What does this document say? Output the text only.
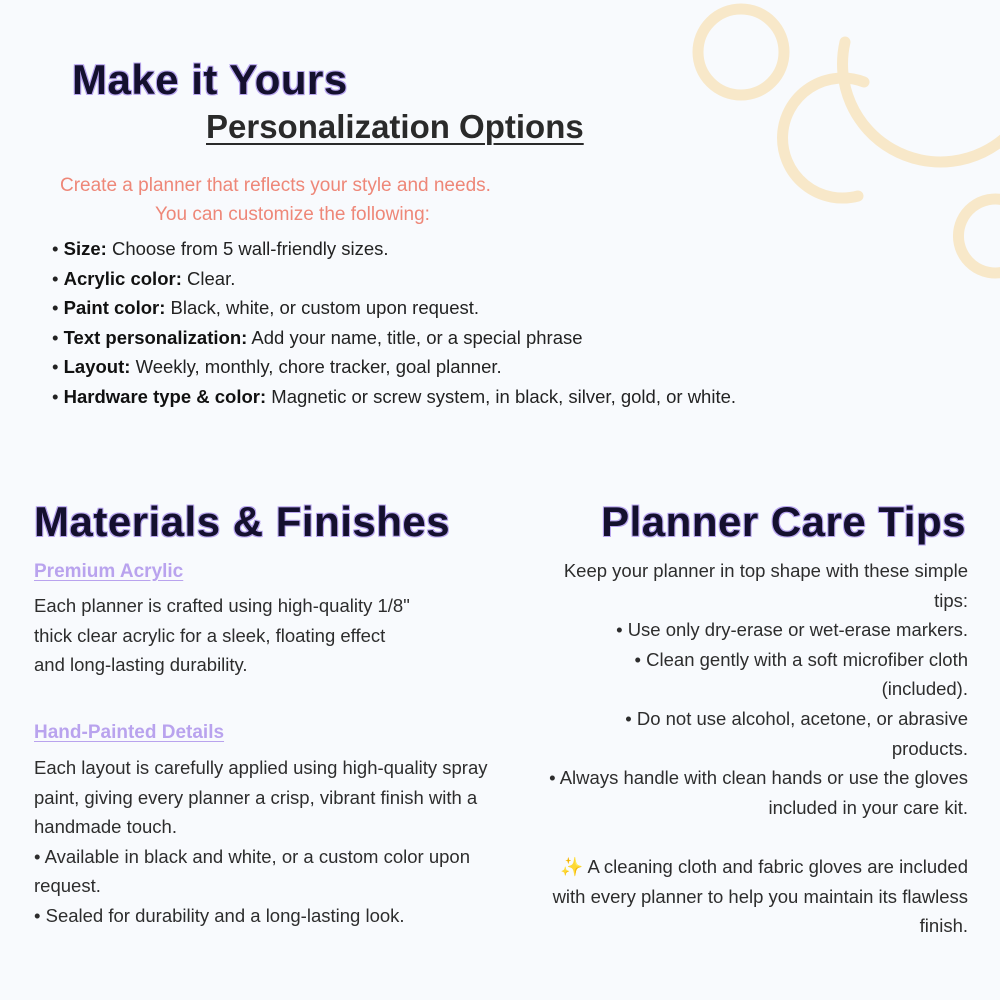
Make it Yours
Personalization Options

Create a planner that reflects your style and needs.

You can customize the following:

• Size: Choose from 5 wall-friendly sizes.
• Acrylic color: Clear.
• Paint color: Black, white, or custom upon request.
• Text personalization: Add your name, title, or a special phrase
• Layout: Weekly, monthly, chore tracker, goal planner.
• Hardware type & color: Magnetic or screw system, in black, silver, gold, or white.
Materials & Finishes
Premium Acrylic

Each planner is crafted using high-quality 1/8" thick clear acrylic for a sleek, floating effect and long-lasting durability.

Hand-Painted Details

Each layout is carefully applied using high-quality spray paint, giving every planner a crisp, vibrant finish with a handmade touch.

• Available in black and white, or a custom color upon request.

• Sealed for durability and a long-lasting look.

Planner Care Tips

Keep your planner in top shape with these simple tips:

• Use only dry-erase or wet-erase markers.

• Clean gently with a soft microfiber cloth (included).

• Do not use alcohol, acetone, or abrasive products.

• Always handle with clean hands or use the gloves included in your care kit.

✨ A cleaning cloth and fabric gloves are included with every planner to help you maintain its flawless finish.
